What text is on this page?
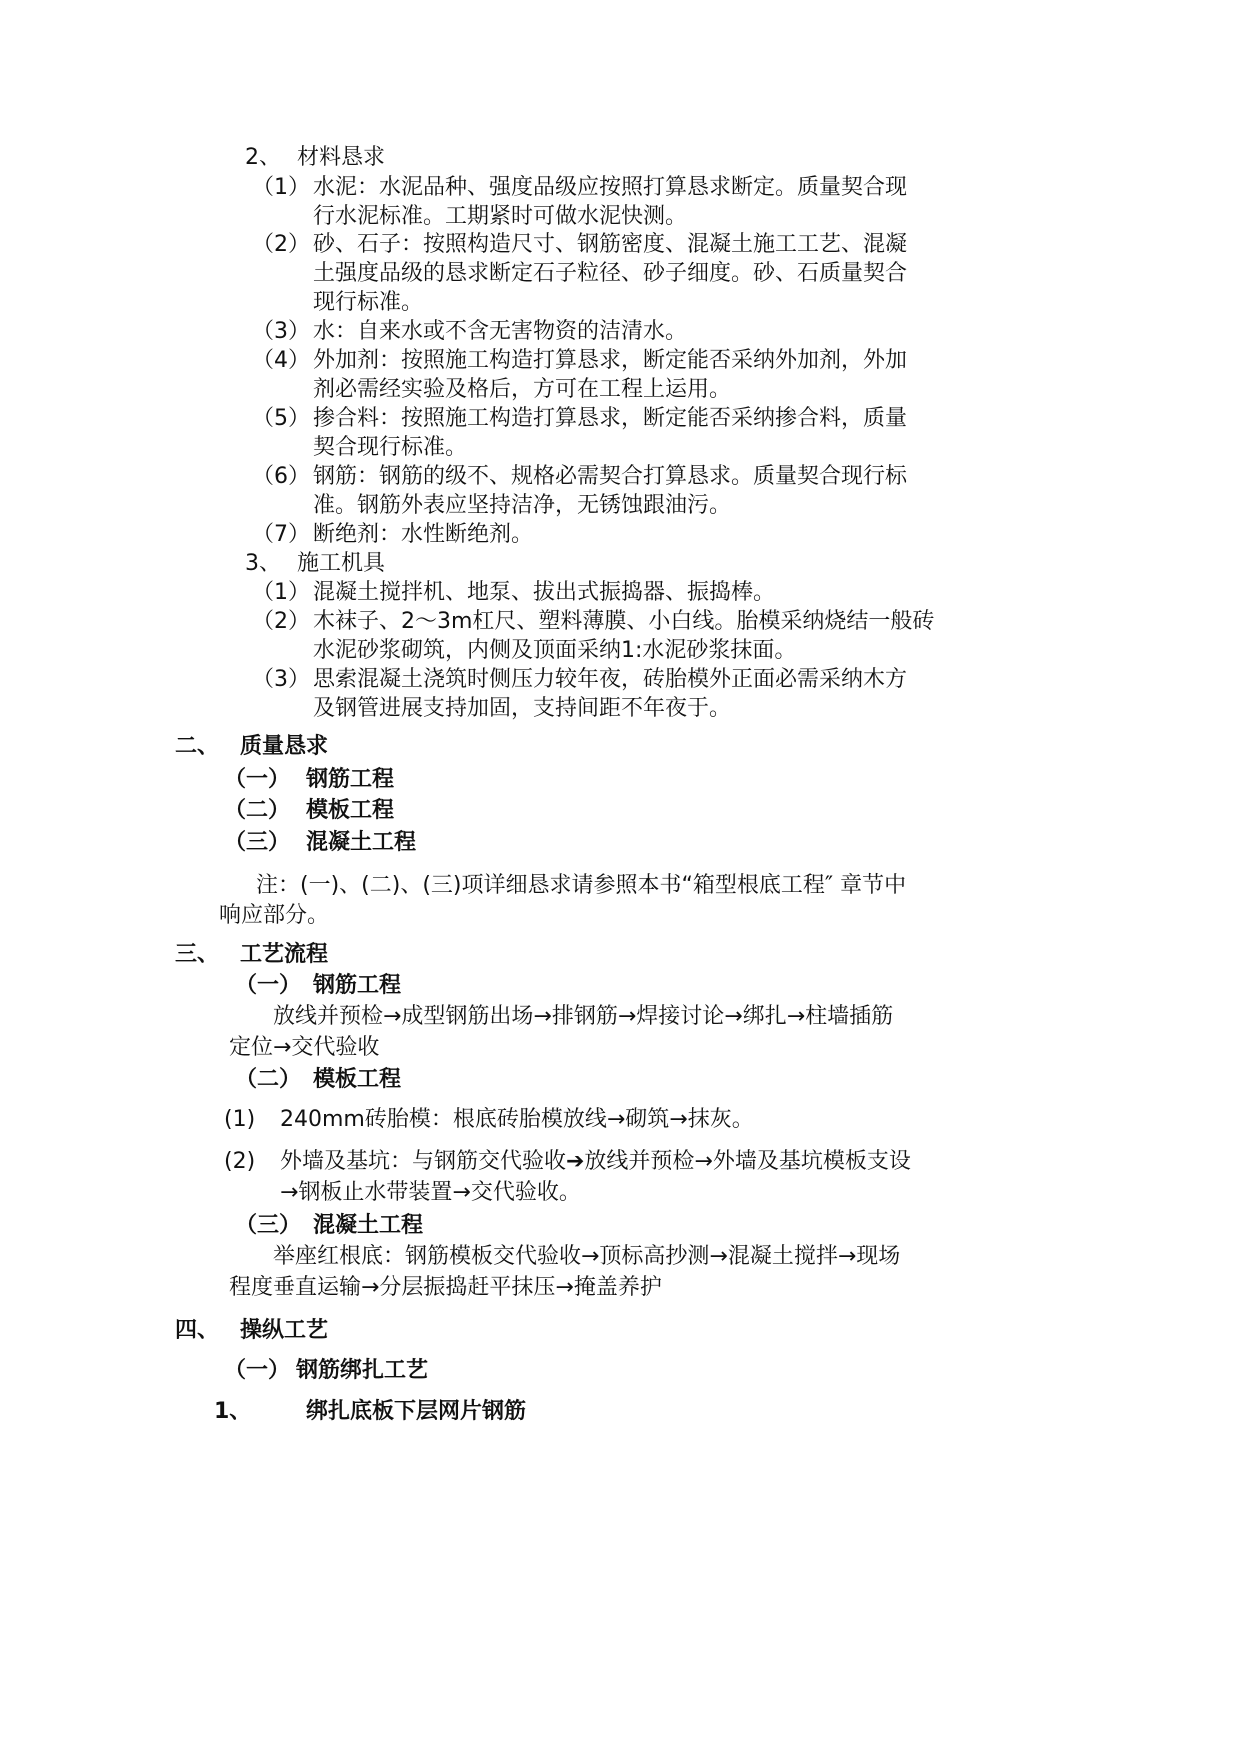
2、 材料恳求
（1） 水泥：水泥品种、强度品级应按照打算恳求断定。质量契合现
行水泥标准。工期紧时可做水泥快测。
（2） 砂、石子：按照构造尺寸、钢筋密度、混凝土施工工艺、混凝
土强度品级的恳求断定石子粒径、砂子细度。砂、石质量契合
现行标准。
（3） 水：自来水或不含无害物资的洁清水。
（4） 外加剂：按照施工构造打算恳求，断定能否采纳外加剂，外加
剂必需经实验及格后，方可在工程上运用。
（5） 掺合料：按照施工构造打算恳求，断定能否采纳掺合料，质量
契合现行标准。
（6） 钢筋：钢筋的级不、规格必需契合打算恳求。质量契合现行标
准。钢筋外表应坚持洁净，无锈蚀跟油污。
（7） 断绝剂：水性断绝剂。
3、 施工机具
（1） 混凝土搅拌机、地泵、拔出式振捣器、振捣棒。
（2） 木袜子、2～3m杠尺、塑料薄膜、小白线。胎模采纳烧结一般砖
水泥砂浆砌筑，内侧及顶面采纳1:水泥砂浆抹面。
（3） 思索混凝土浇筑时侧压力较年夜，砖胎模外正面必需采纳木方
及钢管进展支持加固，支持间距不年夜于。
二、 质量恳求
（一） 钢筋工程
（二） 模板工程
（三） 混凝土工程
注：(一)、(二)、(三)项详细恳求请参照本书“箱型根底工程″ 章节中
响应部分。
三、 工艺流程
（一） 钢筋工程
放线并预检→成型钢筋出场→排钢筋→焊接讨论→绑扎→柱墙插筋
定位→交代验收
（二） 模板工程
(1) 240mm砖胎模：根底砖胎模放线→砌筑→抹灰。
(2) 外墙及基坑：与钢筋交代验收➔放线并预检→外墙及基坑模板支设
→钢板止水带装置→交代验收。
（三） 混凝土工程
举座红根底：钢筋模板交代验收→顶标高抄测→混凝土搅拌→现场
程度垂直运输→分层振捣赶平抹压→掩盖养护
四、 操纵工艺
（一） 钢筋绑扎工艺
1、 绑扎底板下层网片钢筋
